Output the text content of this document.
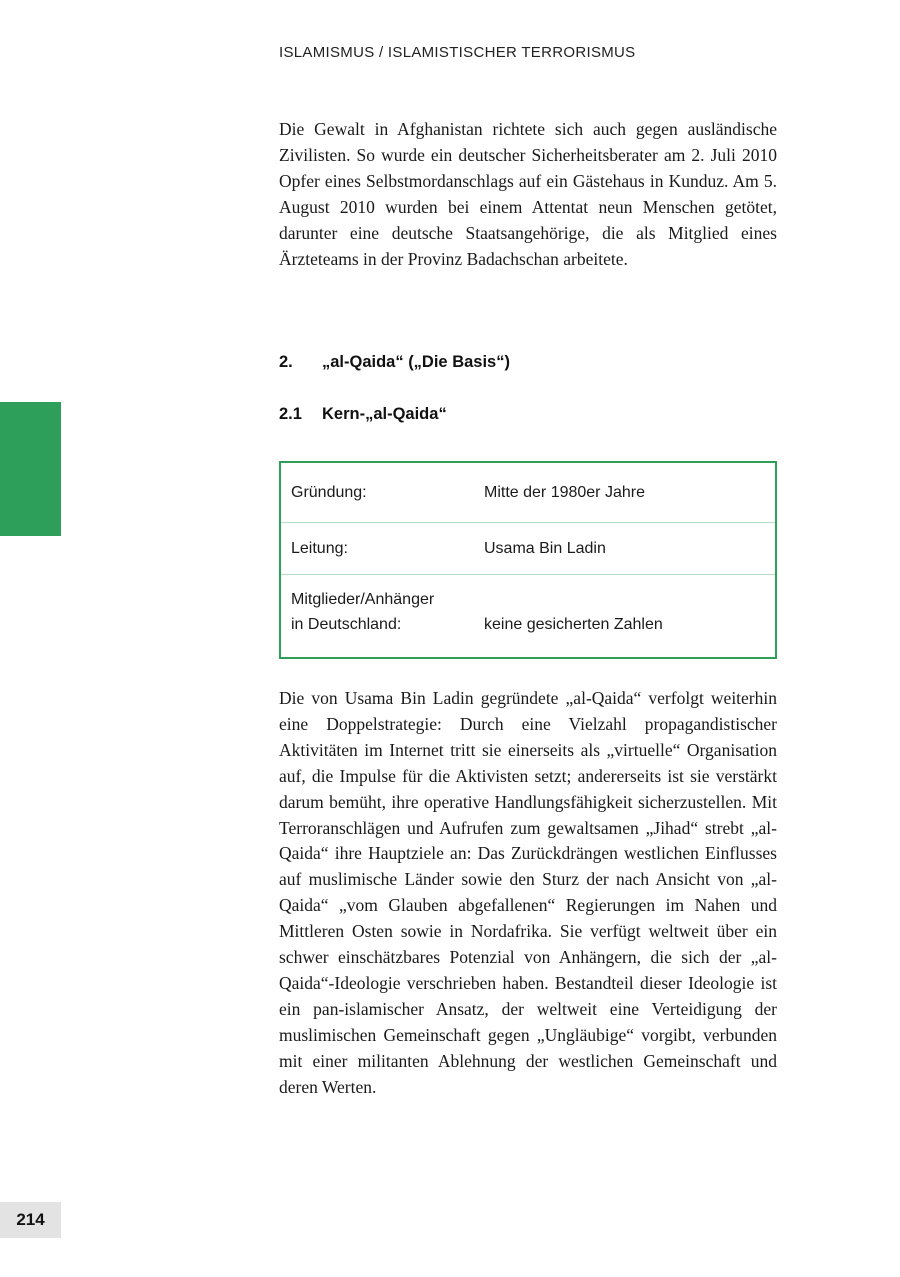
ISLAMISMUS / ISLAMISTISCHER TERRORISMUS

Die Gewalt in Afghanistan richtete sich auch gegen ausländische Zivilisten. So wurde ein deutscher Sicherheitsberater am 2. Juli 2010 Opfer eines Selbstmordanschlags auf ein Gästehaus in Kunduz. Am 5. August 2010 wurden bei einem Attentat neun Menschen getötet, darunter eine deutsche Staatsangehörige, die als Mitglied eines Ärzteteams in der Provinz Badachschan arbeitete.

2. „al-Qaida“ („Die Basis“)
2.1 Kern-„al-Qaida“
Gründung:	Mitte der 1980er Jahre
Leitung:	Usama Bin Ladin
Mitglieder/Anhänger
in Deutschland:	keine gesicherten Zahlen

Die von Usama Bin Ladin gegründete „al-Qaida“ verfolgt weiterhin eine Doppelstrategie: Durch eine Vielzahl propagandistischer Aktivitäten im Internet tritt sie einerseits als „virtuelle“ Organisation auf, die Impulse für die Aktivisten setzt; andererseits ist sie verstärkt darum bemüht, ihre operative Handlungsfähigkeit sicherzustellen. Mit Terroranschlägen und Aufrufen zum gewaltsamen „Jihad“ strebt „al-Qaida“ ihre Hauptziele an: Das Zurückdrängen westlichen Einflusses auf muslimische Länder sowie den Sturz der nach Ansicht von „al-Qaida“ „vom Glauben abgefallenen“ Regierungen im Nahen und Mittleren Osten sowie in Nordafrika. Sie verfügt weltweit über ein schwer einschätzbares Potenzial von Anhängern, die sich der „al-Qaida“-Ideologie verschrieben haben. Bestandteil dieser Ideologie ist ein pan-islamischer Ansatz, der weltweit eine Verteidigung der muslimischen Gemeinschaft gegen „Ungläubige“ vorgibt, verbunden mit einer militanten Ablehnung der westlichen Gemeinschaft und deren Werten.

214
